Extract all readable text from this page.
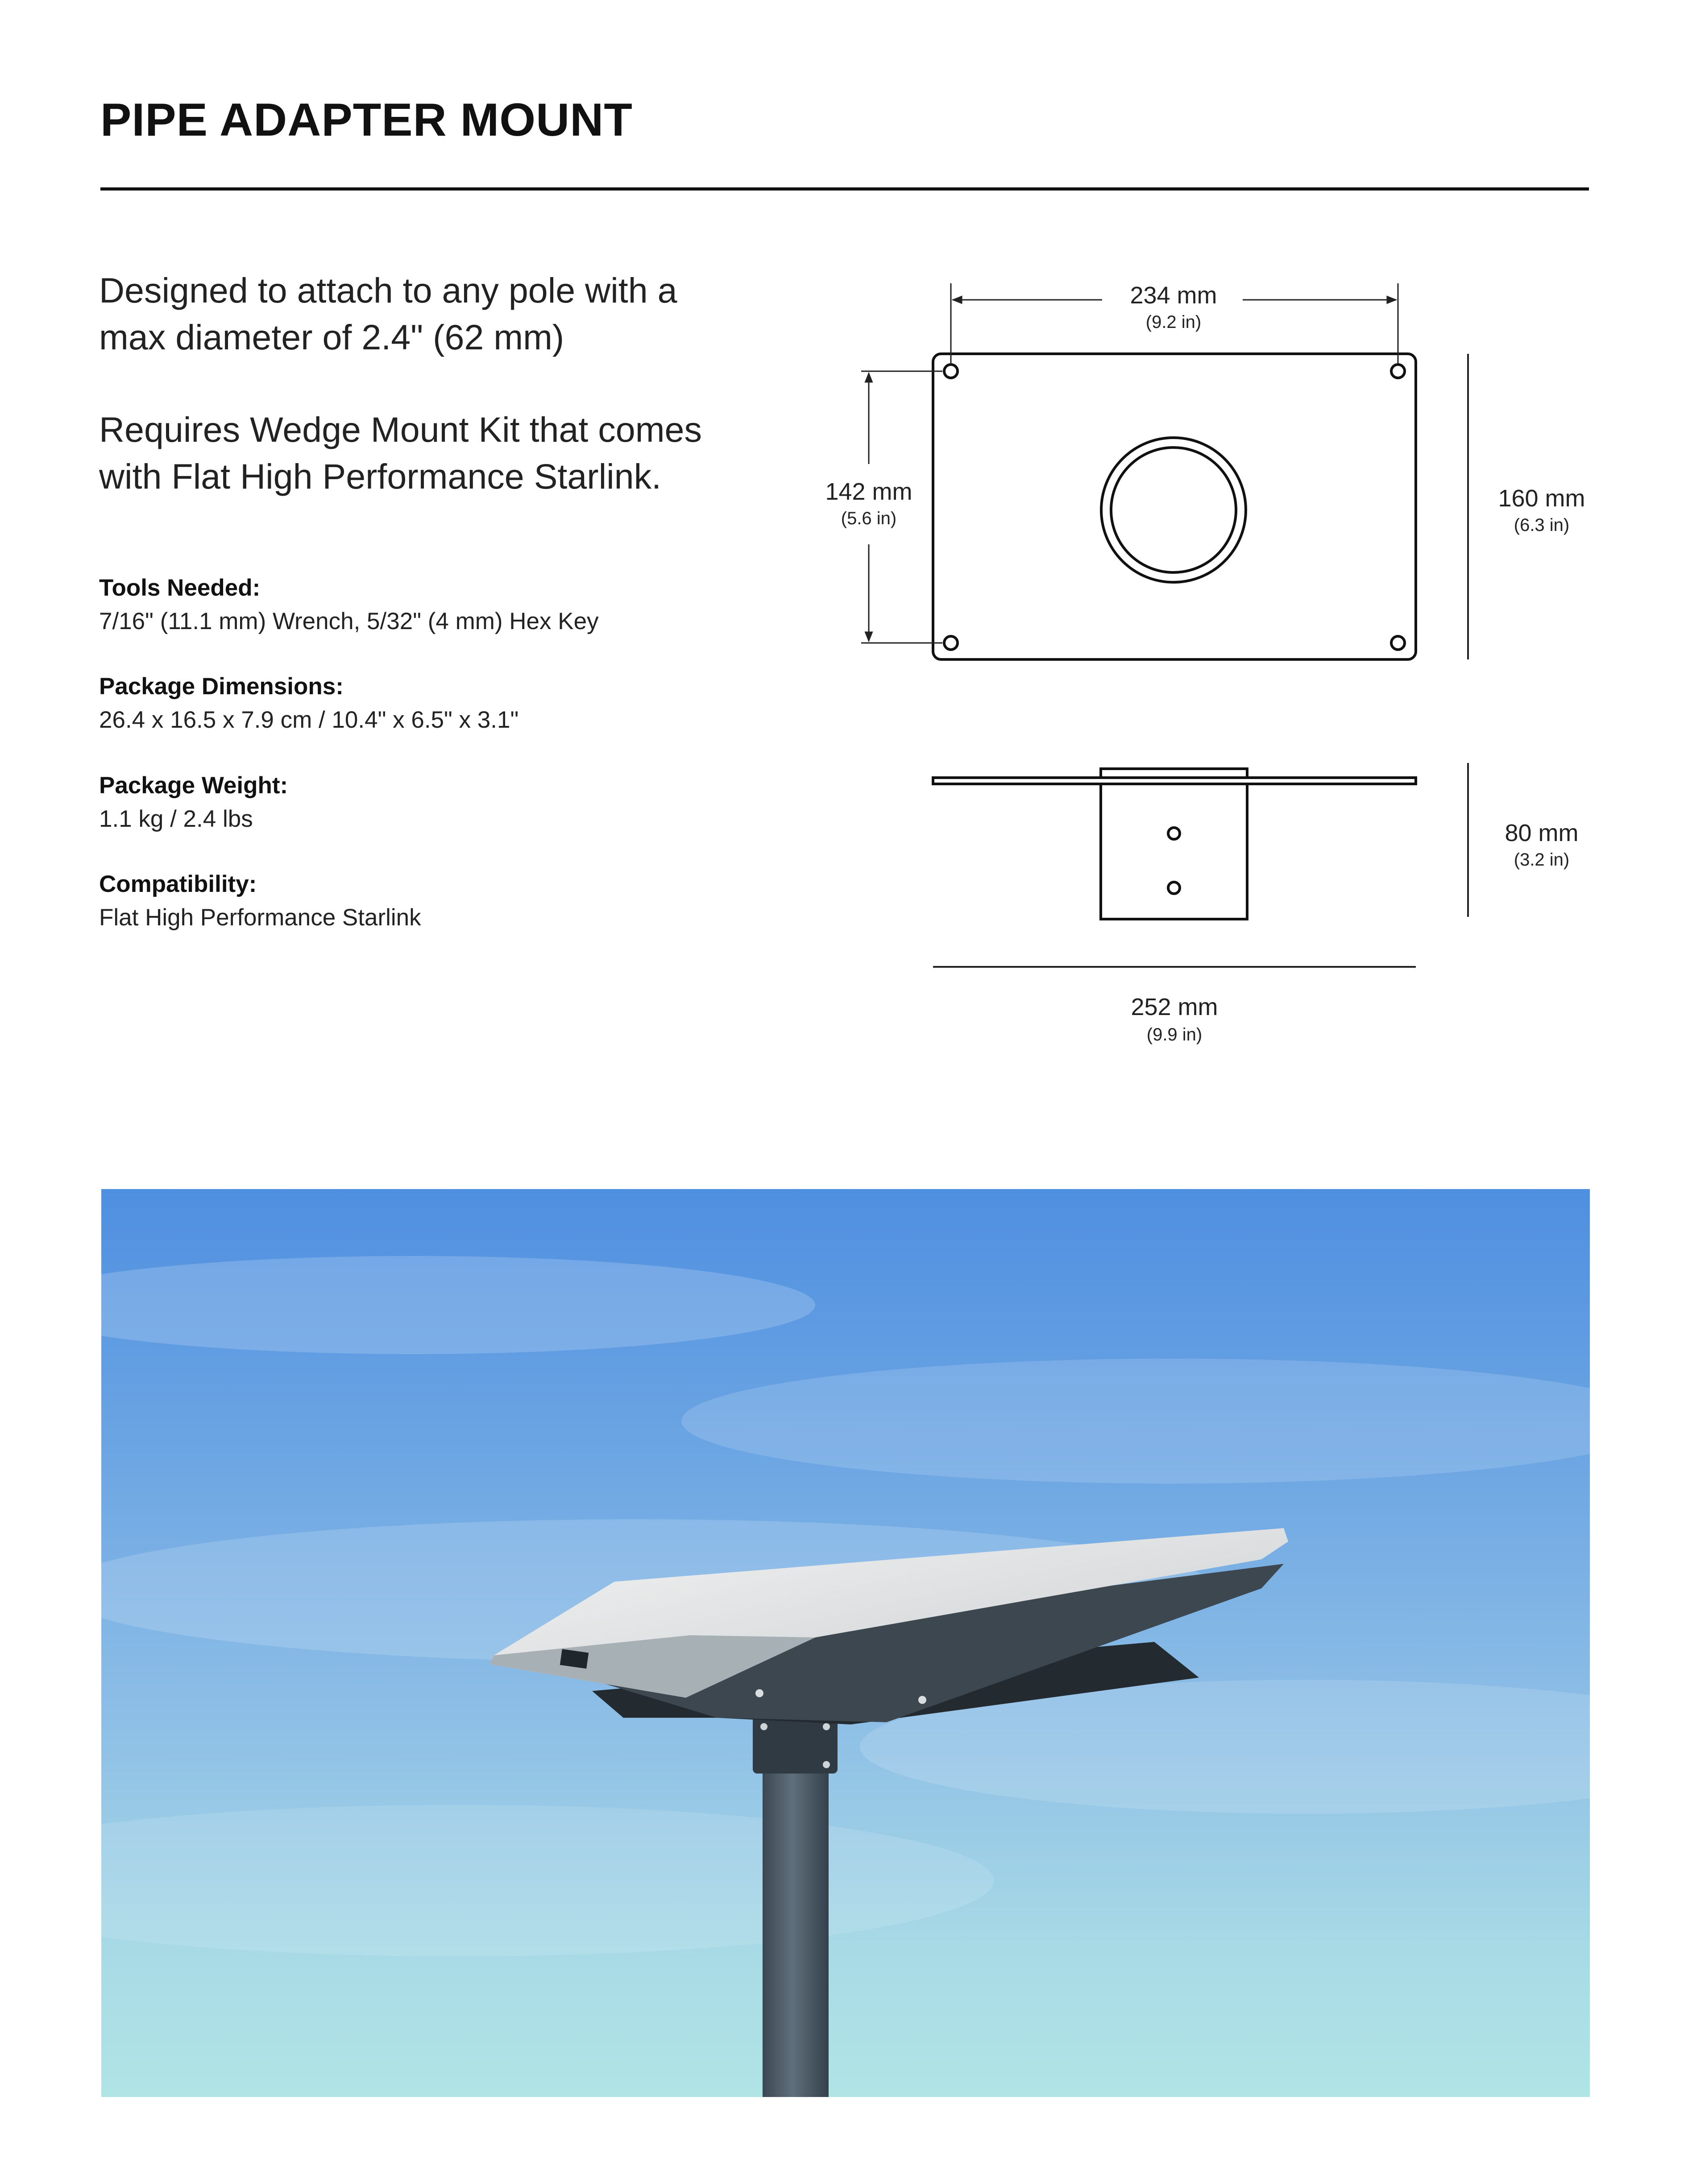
PIPE ADAPTER MOUNT

Designed to attach to any pole with a
max diameter of 2.4" (62 mm)

Requires Wedge Mount Kit that comes
with Flat High Performance Starlink.

Tools Needed:
7/16" (11.1 mm) Wrench, 5/32" (4 mm) Hex Key
Package Dimensions:
26.4 x 16.5 x 7.9 cm / 10.4" x 6.5" x 3.1"
Package Weight:
1.1 kg / 2.4 lbs
Compatibility:
Flat High Performance Starlink
234 mm
(9.2 in)
142 mm
(5.6 in)
160 mm
(6.3 in)
80 mm
(3.2 in)
252 mm
(9.9 in)
